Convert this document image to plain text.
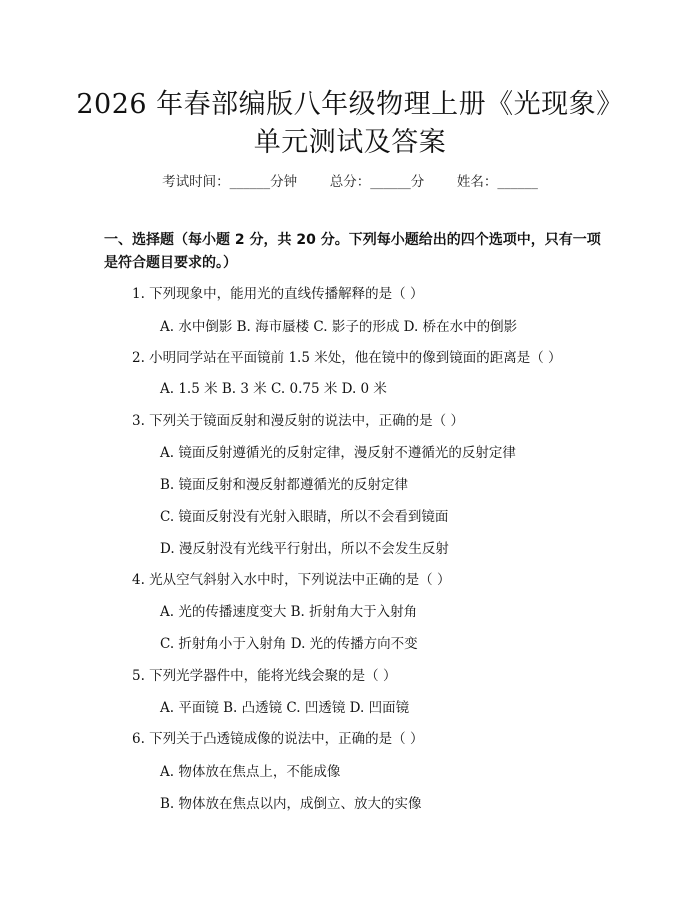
2026 年春部编版八年级物理上册《光现象》
单元测试及答案
考试时间：______分钟 总分：______分 姓名：______
一、选择题（每小题 2 分，共 20 分。下列每小题给出的四个选项中，只有一项是符合题目要求的。）
1. 下列现象中，能用光的直线传播解释的是（ ）
A. 水中倒影 B. 海市蜃楼 C. 影子的形成 D. 桥在水中的倒影
2. 小明同学站在平面镜前 1.5 米处，他在镜中的像到镜面的距离是（ ）
A. 1.5 米 B. 3 米 C. 0.75 米 D. 0 米
3. 下列关于镜面反射和漫反射的说法中，正确的是（ ）
A. 镜面反射遵循光的反射定律，漫反射不遵循光的反射定律
B. 镜面反射和漫反射都遵循光的反射定律
C. 镜面反射没有光射入眼睛，所以不会看到镜面
D. 漫反射没有光线平行射出，所以不会发生反射
4. 光从空气斜射入水中时，下列说法中正确的是（ ）
A. 光的传播速度变大 B. 折射角大于入射角
C. 折射角小于入射角 D. 光的传播方向不变
5. 下列光学器件中，能将光线会聚的是（ ）
A. 平面镜 B. 凸透镜 C. 凹透镜 D. 凹面镜
6. 下列关于凸透镜成像的说法中，正确的是（ ）
A. 物体放在焦点上，不能成像
B. 物体放在焦点以内，成倒立、放大的实像
